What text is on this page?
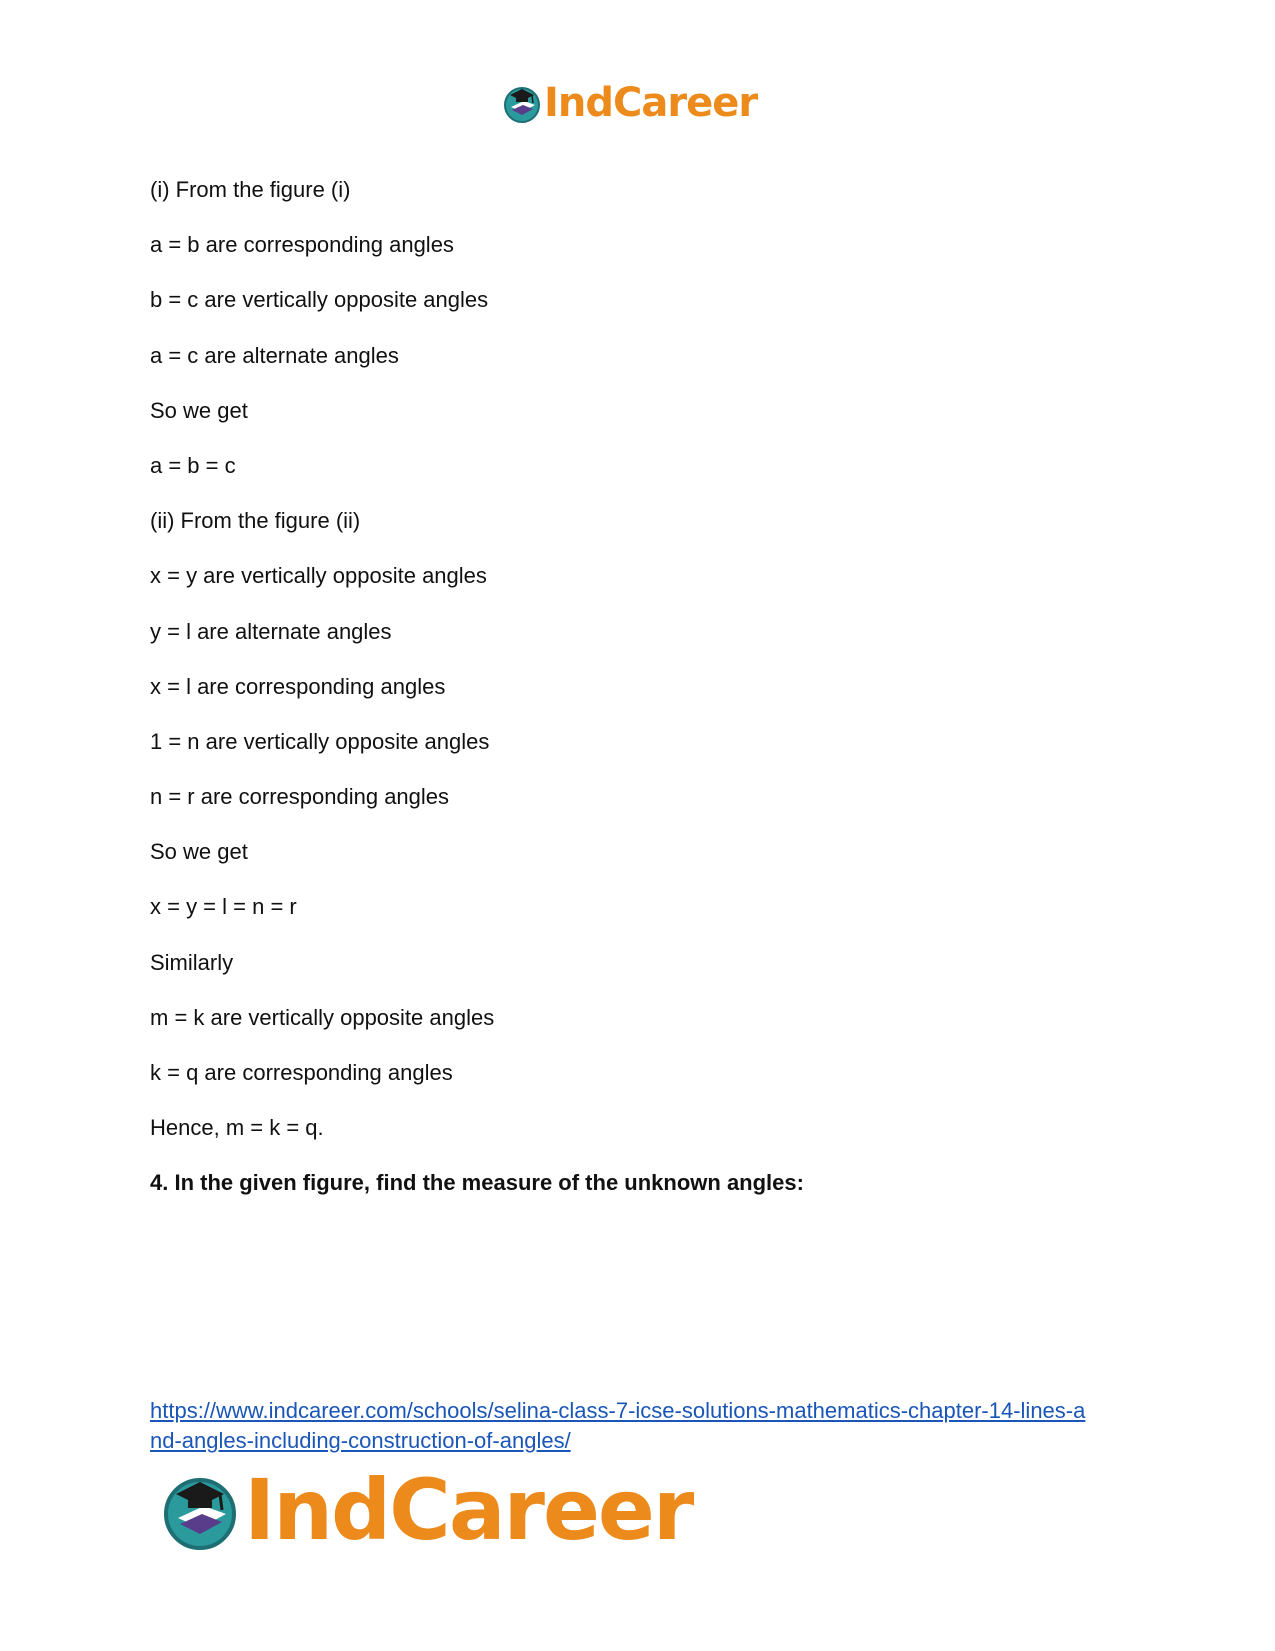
IndCareer
(i) From the figure (i)
a = b are corresponding angles
b = c are vertically opposite angles
a = c are alternate angles
So we get
a = b = c
(ii) From the figure (ii)
x = y are vertically opposite angles
y = l are alternate angles
x = l are corresponding angles
1 = n are vertically opposite angles
n = r are corresponding angles
So we get
x = y = l = n = r
Similarly
m = k are vertically opposite angles
k = q are corresponding angles
Hence, m = k = q.
4. In the given figure, find the measure of the unknown angles:
https://www.indcareer.com/schools/selina-class-7-icse-solutions-mathematics-chapter-14-lines-a
nd-angles-including-construction-of-angles/
IndCareer
